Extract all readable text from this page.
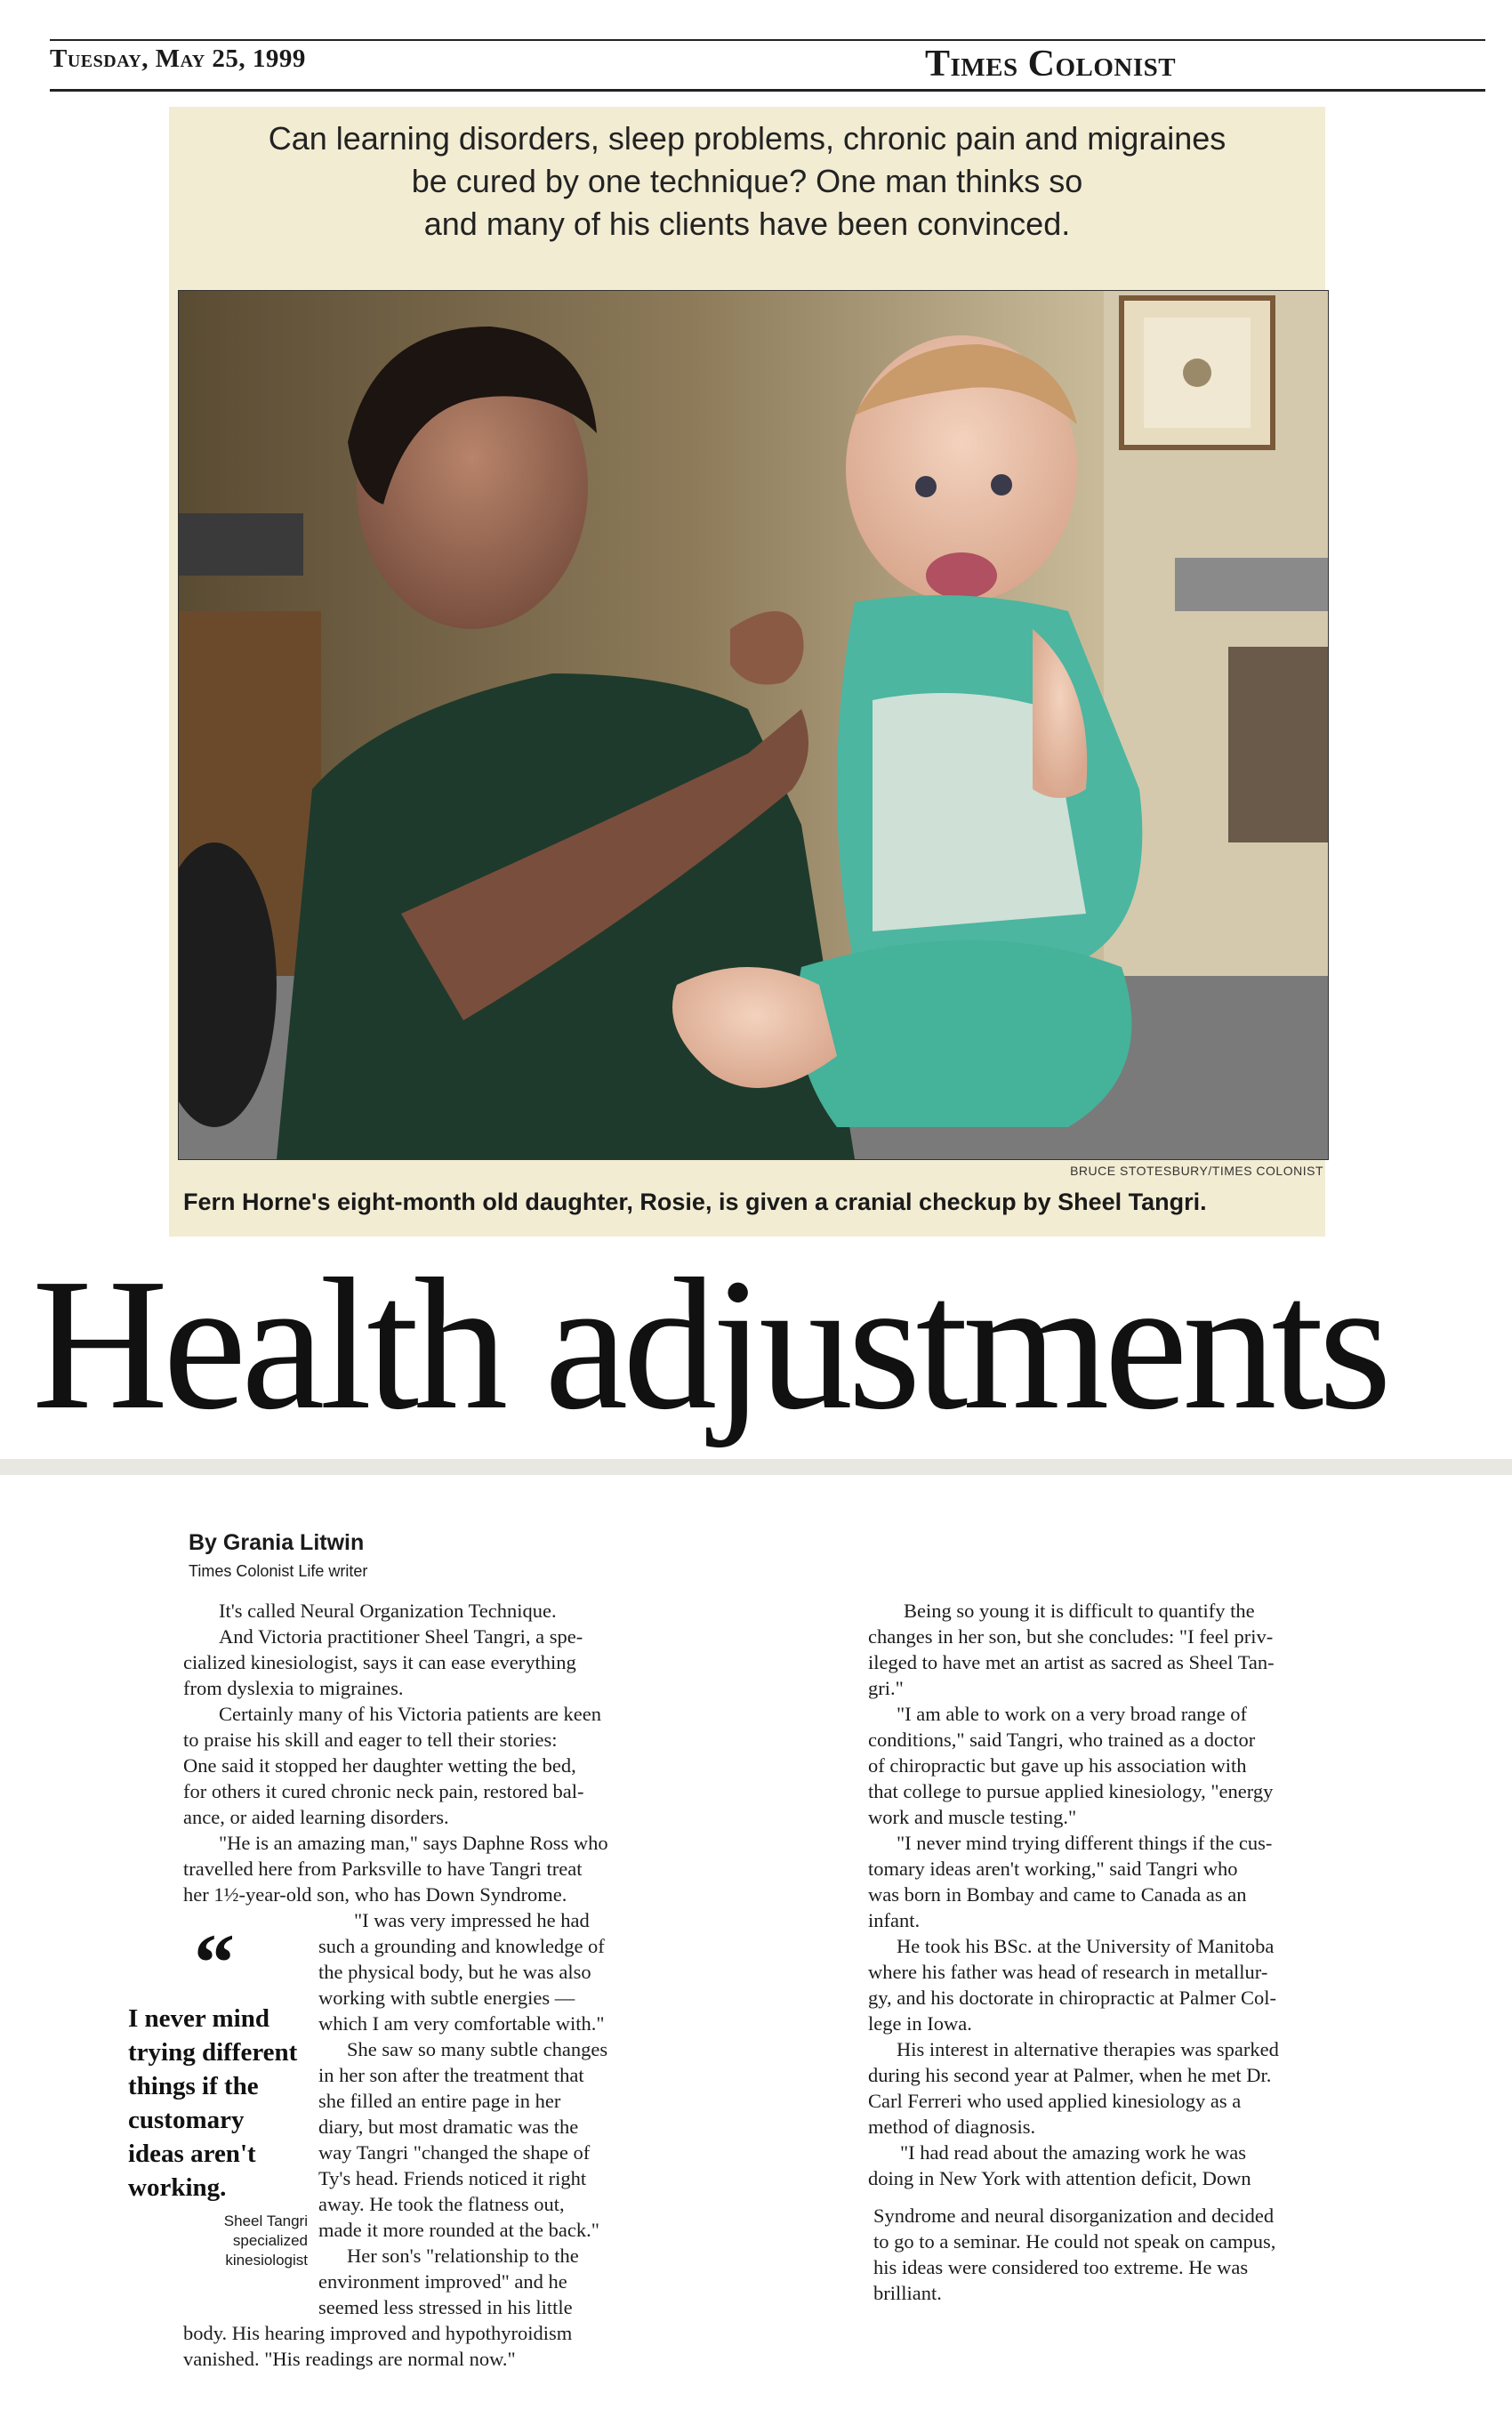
Tuesday, May 25, 1999	Times Colonist
Can learning disorders, sleep problems, chronic pain and migraines
be cured by one technique? One man thinks so
and many of his clients have been convinced.
BRUCE STOTESBURY/TIMES COLONIST
Fern Horne's eight-month old daughter, Rosie, is given a cranial checkup by Sheel Tangri.
Health adjustments
By Grania Litwin
Times Colonist Life writer
It's called Neural Organization Technique.
And Victoria practitioner Sheel Tangri, a spe-
cialized kinesiologist, says it can ease everything
from dyslexia to migraines.
Certainly many of his Victoria patients are keen
to praise his skill and eager to tell their stories:
One said it stopped her daughter wetting the bed,
for others it cured chronic neck pain, restored bal-
ance, or aided learning disorders.
"He is an amazing man," says Daphne Ross who
travelled here from Parksville to have Tangri treat
her 1½-year-old son, who has Down Syndrome.
“
I never mind
trying different
things if the
customary
ideas aren't
working.
Sheel Tangri
specialized
kinesiologist
"I was very impressed he had
such a grounding and knowledge of
the physical body, but he was also
working with subtle energies —
which I am very comfortable with."
She saw so many subtle changes
in her son after the treatment that
she filled an entire page in her
diary, but most dramatic was the
way Tangri "changed the shape of
Ty's head. Friends noticed it right
away. He took the flatness out,
made it more rounded at the back."
Her son's "relationship to the
environment improved" and he
seemed less stressed in his little
body. His hearing improved and hypothyroidism
vanished. "His readings are normal now."
Being so young it is difficult to quantify the
changes in her son, but she concludes: "I feel priv-
ileged to have met an artist as sacred as Sheel Tan-
gri."
"I am able to work on a very broad range of
conditions," said Tangri, who trained as a doctor
of chiropractic but gave up his association with
that college to pursue applied kinesiology, "energy
work and muscle testing."
"I never mind trying different things if the cus-
tomary ideas aren't working," said Tangri who
was born in Bombay and came to Canada as an
infant.
He took his BSc. at the University of Manitoba
where his father was head of research in metallur-
gy, and his doctorate in chiropractic at Palmer Col-
lege in Iowa.
His interest in alternative therapies was sparked
during his second year at Palmer, when he met Dr.
Carl Ferreri who used applied kinesiology as a
method of diagnosis.
"I had read about the amazing work he was
doing in New York with attention deficit, Down
Syndrome and neural disorganization and decided
to go to a seminar. He could not speak on campus,
his ideas were considered too extreme. He was
brilliant.
